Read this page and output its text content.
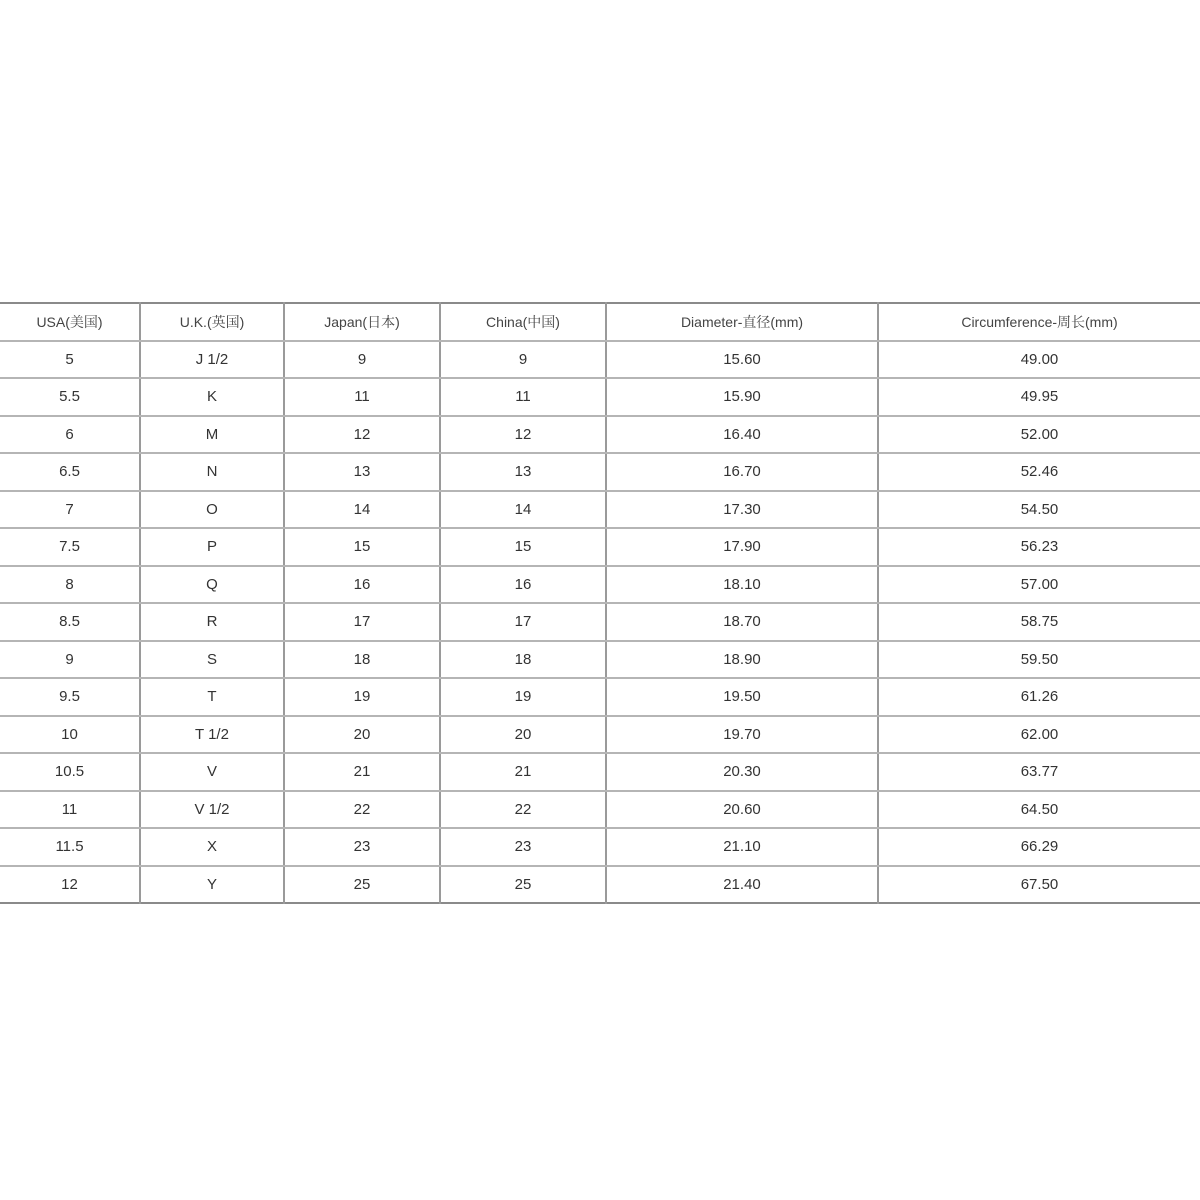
USA(美国)	U.K.(英国)	Japan(日本)	China(中国)	Diameter-直径(mm)	Circumference-周长(mm)
5	J 1/2	9	9	15.60	49.00
5.5	K	11	11	15.90	49.95
6	M	12	12	16.40	52.00
6.5	N	13	13	16.70	52.46
7	O	14	14	17.30	54.50
7.5	P	15	15	17.90	56.23
8	Q	16	16	18.10	57.00
8.5	R	17	17	18.70	58.75
9	S	18	18	18.90	59.50
9.5	T	19	19	19.50	61.26
10	T 1/2	20	20	19.70	62.00
10.5	V	21	21	20.30	63.77
11	V 1/2	22	22	20.60	64.50
11.5	X	23	23	21.10	66.29
12	Y	25	25	21.40	67.50
